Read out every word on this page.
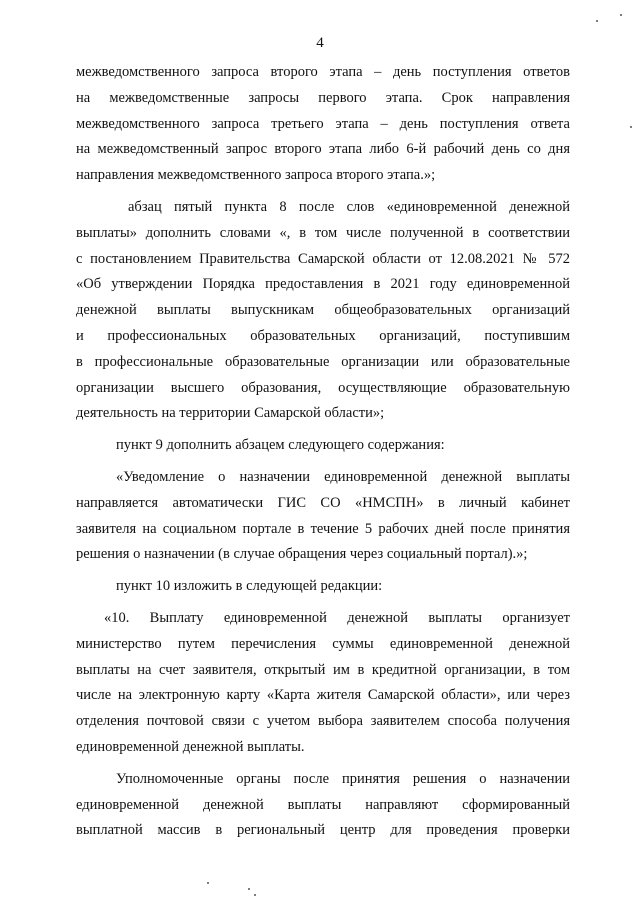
4
межведомственного запроса второго этапа – день поступления ответов
на межведомственные запросы первого этапа. Срок направления
межведомственного запроса третьего этапа – день поступления ответа
на межведомственный запрос второго этапа либо 6-й рабочий день со дня
направления межведомственного запроса второго этапа.»;
абзац пятый пункта 8 после слов «единовременной денежной
выплаты» дополнить словами «, в том числе полученной в соответствии
с постановлением Правительства Самарской области от 12.08.2021 № 572
«Об утверждении Порядка предоставления в 2021 году единовременной
денежной выплаты выпускникам общеобразовательных организаций
и профессиональных образовательных организаций, поступившим
в профессиональные образовательные организации или образовательные
организации высшего образования, осуществляющие образовательную
деятельность на территории Самарской области»;
пункт 9 дополнить абзацем следующего содержания:
«Уведомление о назначении единовременной денежной выплаты
направляется автоматически ГИС СО «НМСПН» в личный кабинет
заявителя на социальном портале в течение 5 рабочих дней после принятия
решения о назначении (в случае обращения через социальный портал).»;
пункт 10 изложить в следующей редакции:
«10. Выплату единовременной денежной выплаты организует
министерство путем перечисления суммы единовременной денежной
выплаты на счет заявителя, открытый им в кредитной организации, в том
числе на электронную карту «Карта жителя Самарской области», или через
отделения почтовой связи с учетом выбора заявителем способа получения
единовременной денежной выплаты.
Уполномоченные органы после принятия решения о назначении
единовременной денежной выплаты направляют сформированный
выплатной массив в региональный центр для проведения проверки
